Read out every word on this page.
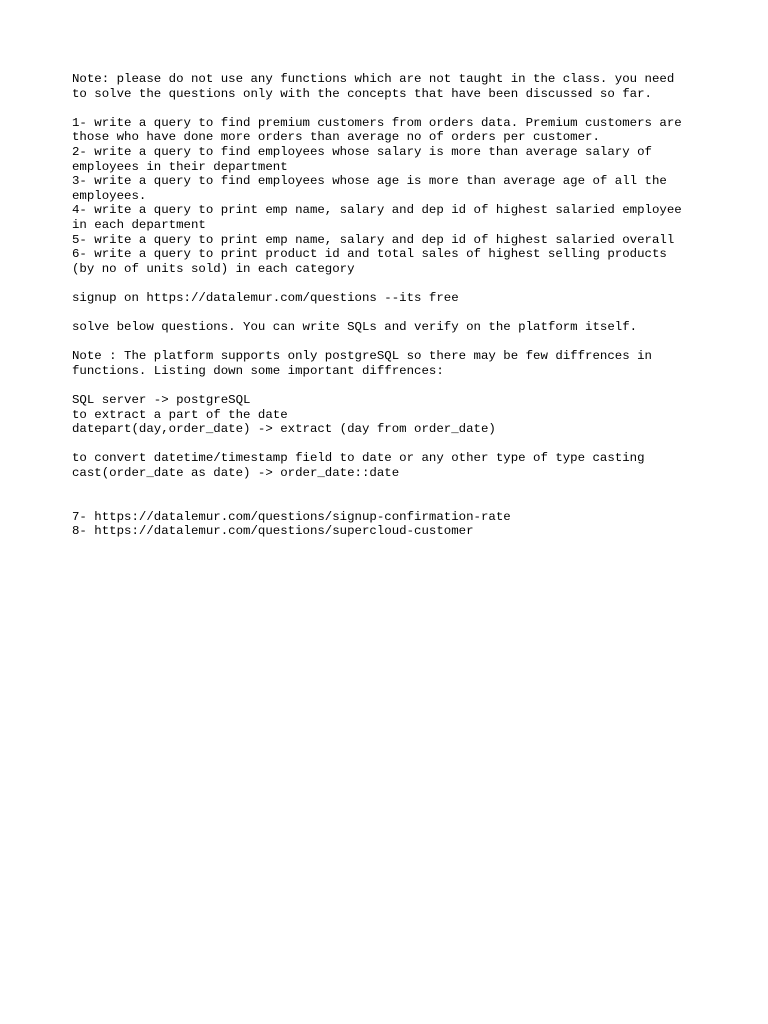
Note: please do not use any functions which are not taught in the class. you need
to solve the questions only with the concepts that have been discussed so far.
1- write a query to find premium customers from orders data. Premium customers are
those who have done more orders than average no of orders per customer.
2- write a query to find employees whose salary is more than average salary of
employees in their department
3- write a query to find employees whose age is more than average age of all the
employees.
4- write a query to print emp name, salary and dep id of highest salaried employee
in each department
5- write a query to print emp name, salary and dep id of highest salaried overall
6- write a query to print product id and total sales of highest selling products
(by no of units sold) in each category
signup on https://datalemur.com/questions --its free
solve below questions. You can write SQLs and verify on the platform itself.
Note : The platform supports only postgreSQL so there may be few diffrences in
functions. Listing down some important diffrences:
SQL server -> postgreSQL
to extract a part of the date
datepart(day,order_date) -> extract (day from order_date)
to convert datetime/timestamp field to date or any other type of type casting
cast(order_date as date) -> order_date::date
7- https://datalemur.com/questions/signup-confirmation-rate
8- https://datalemur.com/questions/supercloud-customer
